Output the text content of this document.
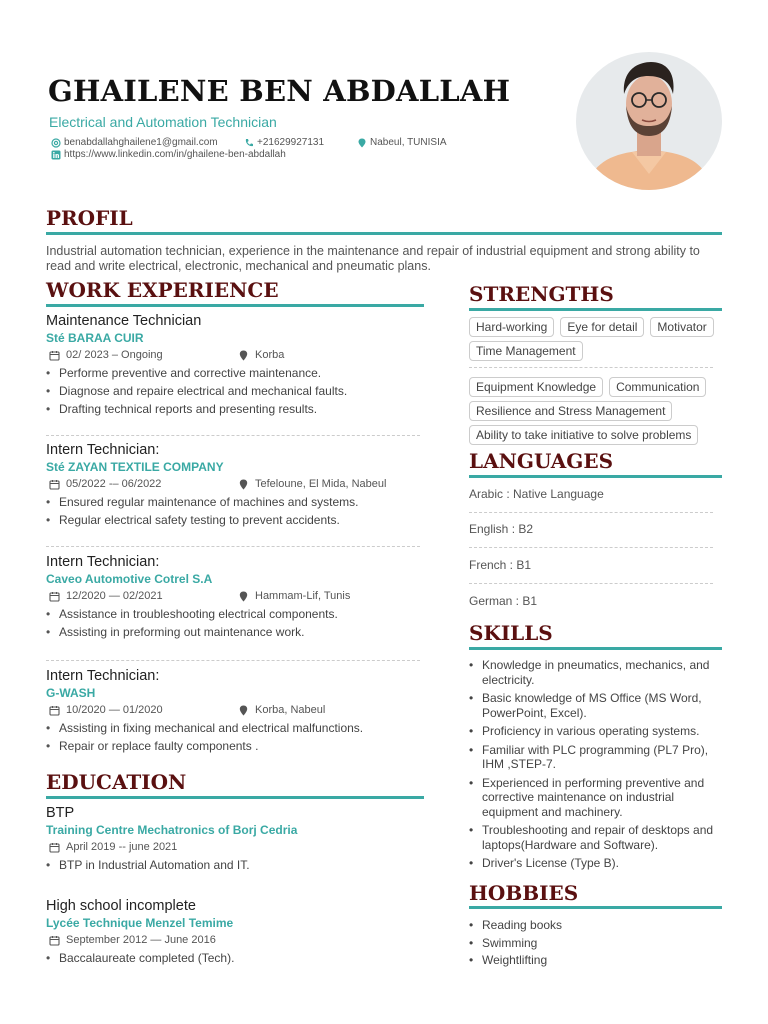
GHAILENE BEN ABDALLAH
Electrical and Automation Technician
benabdallahghailene1@gmail.com	+21629927131	Nabeul, TUNISIA
https://www.linkedin.com/in/ghailene-ben-abdallah
PROFIL
Industrial automation technician, experience in the maintenance and repair of industrial equipment and strong ability to read and write electrical, electronic, mechanical and pneumatic plans.
WORK EXPERIENCE
Maintenance Technician
Sté BARAA CUIR
02/ 2023 – Ongoing	Korba
• Performe preventive and corrective maintenance.
• Diagnose and repaire electrical and mechanical faults.
• Drafting technical reports and presenting results.
Intern Technician:
Sté ZAYAN TEXTILE COMPANY
05/2022 -– 06/2022	Tefeloune, El Mida, Nabeul
• Ensured regular maintenance of machines and systems.
• Regular electrical safety testing to prevent accidents.
Intern Technician:
Caveo Automotive Cotrel S.A
12/2020 — 02/2021	Hammam-Lif, Tunis
• Assistance in troubleshooting electrical components.
• Assisting in preforming out maintenance work.
Intern Technician:
G-WASH
10/2020 — 01/2020	Korba, Nabeul
• Assisting in fixing mechanical and electrical malfunctions.
• Repair or replace faulty components .
EDUCATION
BTP
Training Centre Mechatronics of Borj Cedria
April 2019 -- june 2021
• BTP in Industrial Automation and IT.
High school incomplete
Lycée Technique Menzel Temime
September 2012 — June 2016
• Baccalaureate completed (Tech).
STRENGTHS
Hard-working	Eye for detail	Motivator
Time Management
Equipment Knowledge	Communication
Resilience and Stress Management
Ability to take initiative to solve problems
LANGUAGES
Arabic : Native Language
English : B2
French : B1
German : B1
SKILLS
• Knowledge in pneumatics, mechanics, and electricity.
• Basic knowledge of MS Office (MS Word, PowerPoint, Excel).
• Proficiency in various operating systems.
• Familiar with PLC programming (PL7 Pro), IHM ,STEP-7.
• Experienced in performing preventive and corrective maintenance on industrial equipment and machinery.
• Troubleshooting and repair of desktops and laptops(Hardware and Software).
• Driver's License (Type B).
HOBBIES
• Reading books
• Swimming
• Weightlifting
